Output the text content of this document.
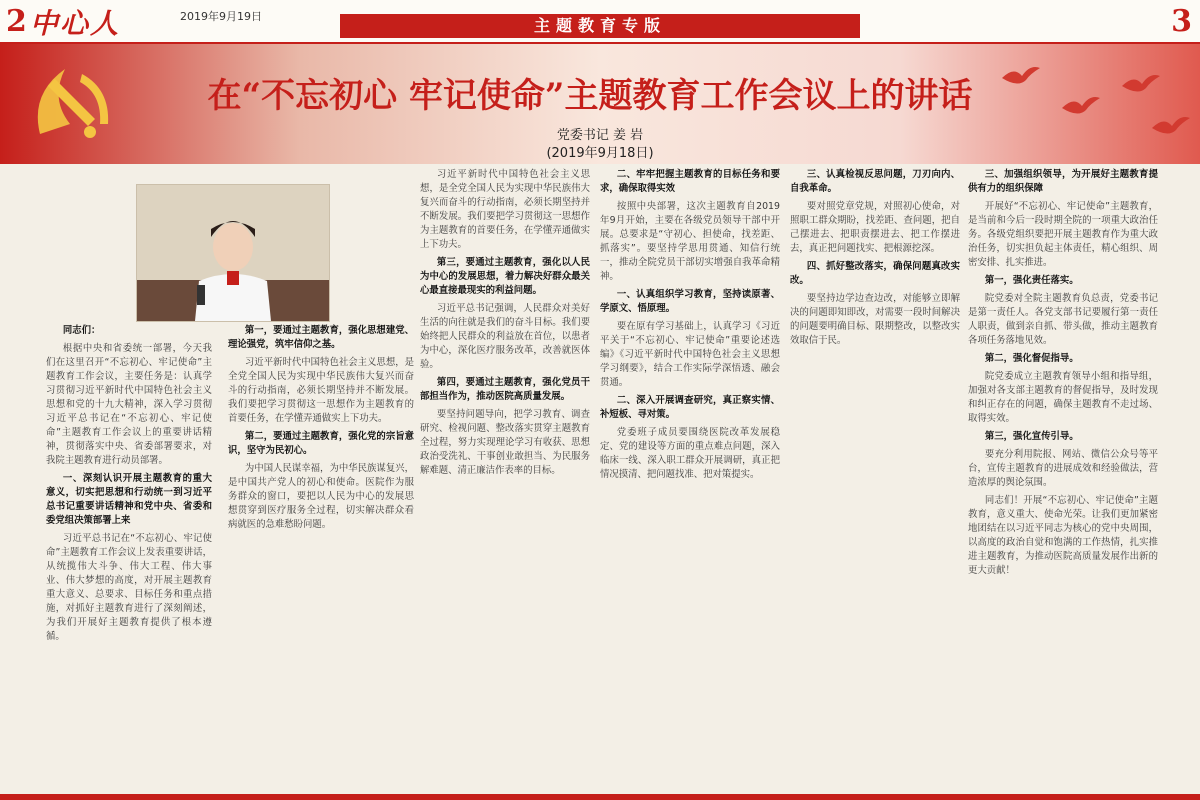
2 中心人	2019年9月19日	主题教育专版	3
在“不忘初心 牢记使命”主题教育工作会议上的讲话
党委书记 姜 岩
(2019年9月18日)

同志们：

根据中央和省委统一部署，今天我们在这里召开“不忘初心、牢记使命”主题教育工作会议，主要任务是：认真学习贯彻习近平新时代中国特色社会主义思想和党的十九大精神，深入学习贯彻习近平总书记在“不忘初心、牢记使命”主题教育工作会议上的重要讲话精神，贯彻落实中央、省委部署要求，对我院主题教育进行动员部署。

一、深刻认识开展主题教育的重大意义，切实把思想和行动统一到习近平总书记重要讲话精神和党中央、省委和委党组决策部署上来

习近平总书记在“不忘初心、牢记使命”主题教育工作会议上发表重要讲话，从统揽伟大斗争、伟大工程、伟大事业、伟大梦想的高度，对开展主题教育重大意义、总要求、目标任务和重点措施，对抓好主题教育进行了深刻阐述，为我们开展好主题教育提供了根本遵循。

第一，要通过主题教育，强化思想建党、理论强党，筑牢信仰之基。

习近平新时代中国特色社会主义思想，是全党全国人民为实现中华民族伟大复兴而奋斗的行动指南，必须长期坚持并不断发展。我们要把学习贯彻这一思想作为主题教育的首要任务，在学懂弄通做实上下功夫。

第二，要通过主题教育，强化党的宗旨意识，坚守为民初心。

为中国人民谋幸福，为中华民族谋复兴，是中国共产党人的初心和使命。医院作为服务群众的窗口，要把以人民为中心的发展思想贯穿到医疗服务全过程，切实解决群众看病就医的急难愁盼问题。

习近平新时代中国特色社会主义思想，是全党全国人民为实现中华民族伟大复兴而奋斗的行动指南，必须长期坚持并不断发展。我们要把学习贯彻这一思想作为主题教育的首要任务，在学懂弄通做实上下功夫。

第三，要通过主题教育，强化以人民为中心的发展思想，着力解决好群众最关心最直接最现实的利益问题。

习近平总书记强调，人民群众对美好生活的向往就是我们的奋斗目标。我们要始终把人民群众的利益放在首位，以患者为中心，深化医疗服务改革，改善就医体验。

第四，要通过主题教育，强化党员干部担当作为，推动医院高质量发展。

要坚持问题导向，把学习教育、调查研究、检视问题、整改落实贯穿主题教育全过程，努力实现理论学习有收获、思想政治受洗礼、干事创业敢担当、为民服务解难题、清正廉洁作表率的目标。

二、牢牢把握主题教育的目标任务和要求，确保取得实效

按照中央部署，这次主题教育自2019年9月开始，主要在各级党员领导干部中开展。总要求是“守初心、担使命，找差距、抓落实”。要坚持学思用贯通、知信行统一，推动全院党员干部切实增强自我革命精神。

一、认真组织学习教育，坚持读原著、学原文、悟原理。

要在原有学习基础上，认真学习《习近平关于“不忘初心、牢记使命”重要论述选编》《习近平新时代中国特色社会主义思想学习纲要》，结合工作实际学深悟透、融会贯通。

二、深入开展调查研究，真正察实情、补短板、寻对策。

党委班子成员要围绕医院改革发展稳定、党的建设等方面的重点难点问题，深入临床一线、深入职工群众开展调研，真正把情况摸清、把问题找准、把对策提实。

三、认真检视反思问题，刀刃向内、自我革命。

要对照党章党规，对照初心使命，对照职工群众期盼，找差距、查问题，把自己摆进去、把职责摆进去、把工作摆进去，真正把问题找实、把根源挖深。

四、抓好整改落实，确保问题真改实改。

要坚持边学边查边改，对能够立即解决的问题即知即改，对需要一段时间解决的问题要明确目标、限期整改，以整改实效取信于民。

三、加强组织领导，为开展好主题教育提供有力的组织保障

开展好“不忘初心、牢记使命”主题教育，是当前和今后一段时期全院的一项重大政治任务。各级党组织要把开展主题教育作为重大政治任务，切实担负起主体责任，精心组织、周密安排、扎实推进。

第一，强化责任落实。

院党委对全院主题教育负总责，党委书记是第一责任人。各党支部书记要履行第一责任人职责，做到亲自抓、带头做，推动主题教育各项任务落地见效。

第二，强化督促指导。

院党委成立主题教育领导小组和指导组，加强对各支部主题教育的督促指导，及时发现和纠正存在的问题，确保主题教育不走过场、取得实效。

第三，强化宣传引导。

要充分利用院报、网站、微信公众号等平台，宣传主题教育的进展成效和经验做法，营造浓厚的舆论氛围。

同志们！开展“不忘初心、牢记使命”主题教育，意义重大、使命光荣。让我们更加紧密地团结在以习近平同志为核心的党中央周围，以高度的政治自觉和饱满的工作热情，扎实推进主题教育，为推动医院高质量发展作出新的更大贡献！
